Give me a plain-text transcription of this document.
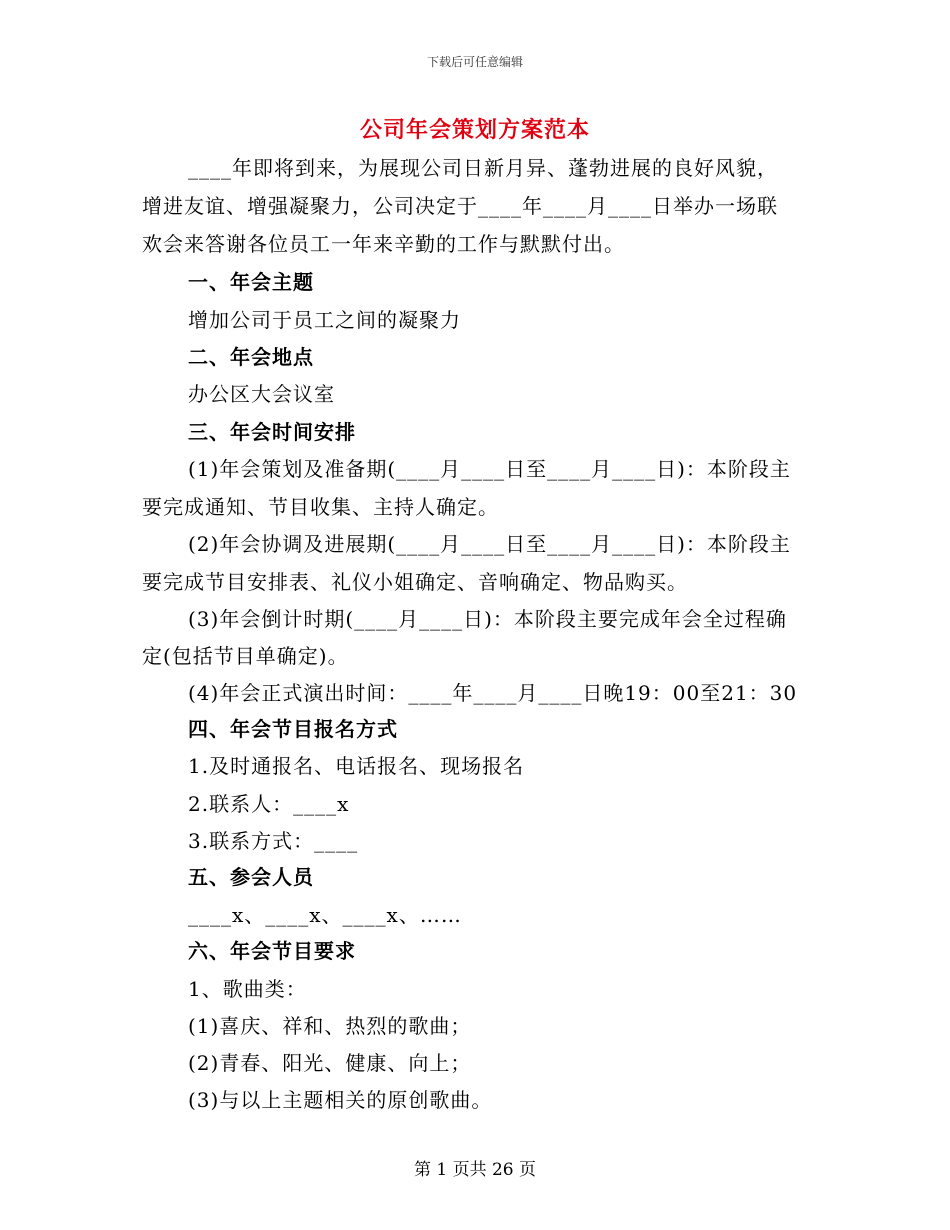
下载后可任意编辑
公司年会策划方案范本
____年即将到来，为展现公司日新月异、蓬勃进展的良好风貌，
增进友谊、增强凝聚力，公司决定于____年____月____日举办一场联
欢会来答谢各位员工一年来辛勤的工作与默默付出。
一、年会主题
增加公司于员工之间的凝聚力
二、年会地点
办公区大会议室
三、年会时间安排
(1)年会策划及准备期(____月____日至____月____日)：本阶段主
要完成通知、节目收集、主持人确定。
(2)年会协调及进展期(____月____日至____月____日)：本阶段主
要完成节目安排表、礼仪小姐确定、音响确定、物品购买。
(3)年会倒计时期(____月____日)：本阶段主要完成年会全过程确
定(包括节目单确定)。
(4)年会正式演出时间：____年____月____日晚19：00至21：30
四、年会节目报名方式
1.及时通报名、电话报名、现场报名
2.联系人：____x
3.联系方式：____
五、参会人员
____x、____x、____x、……
六、年会节目要求
1、歌曲类：
(1)喜庆、祥和、热烈的歌曲；
(2)青春、阳光、健康、向上；
(3)与以上主题相关的原创歌曲。
第 1 页共 26 页
